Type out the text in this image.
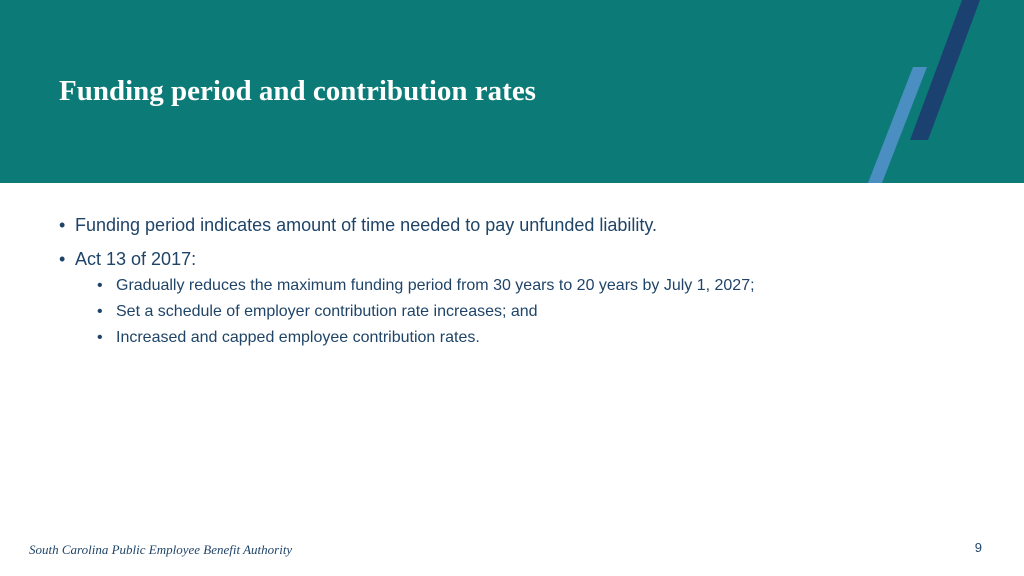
Funding period and contribution rates
• Funding period indicates amount of time needed to pay unfunded liability.
• Act 13 of 2017:
• Gradually reduces the maximum funding period from 30 years to 20 years by July 1, 2027;
• Set a schedule of employer contribution rate increases; and
• Increased and capped employee contribution rates.
South Carolina Public Employee Benefit Authority	9
